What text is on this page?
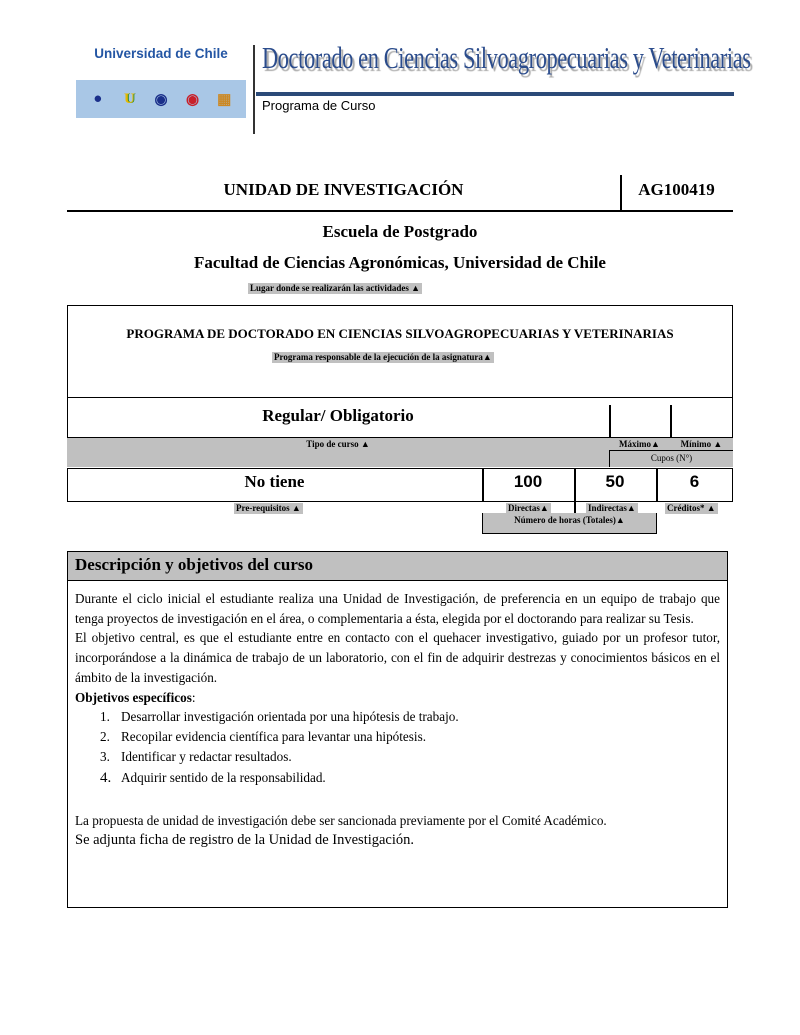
Universidad de Chile
●	U	◉ ◉ ▦
Doctorado en Ciencias Silvoagropecuarias y Veterinarias
Programa de Curso
UNIDAD DE INVESTIGACIÓN	AG100419
Escuela de Postgrado
Facultad de Ciencias Agronómicas, Universidad de Chile
Lugar donde se realizarán las actividades ▲
PROGRAMA DE DOCTORADO EN CIENCIAS SILVOAGROPECUARIAS Y VETERINARIAS
Programa responsable de la ejecución de la asignatura▲
Regular/ Obligatorio
Tipo de curso ▲	Máximo▲	Mínimo ▲
Cupos (N°)
No tiene	100	50	6
Pre-requisitos ▲	Directas▲	Indirectas▲	Créditos* ▲
Número de horas (Totales)▲
Descripción y objetivos del curso

Durante el ciclo inicial el estudiante realiza una Unidad de Investigación, de preferencia en un equipo de trabajo que tenga proyectos de investigación en el área, o complementaria a ésta, elegida por el doctorando para realizar su Tesis.

El objetivo central, es que el estudiante entre en contacto con el quehacer investigativo, guiado por un profesor tutor, incorporándose a la dinámica de trabajo de un laboratorio, con el fin de adquirir destrezas y conocimientos básicos en el ámbito de la investigación.

Objetivos específicos:

1. Desarrollar investigación orientada por una hipótesis de trabajo.
2. Recopilar evidencia científica para levantar una hipótesis.
3. Identificar y redactar resultados.
4. Adquirir sentido de la responsabilidad.

La propuesta de unidad de investigación debe ser sancionada previamente por el Comité Académico.

Se adjunta ficha de registro de la Unidad de Investigación.
